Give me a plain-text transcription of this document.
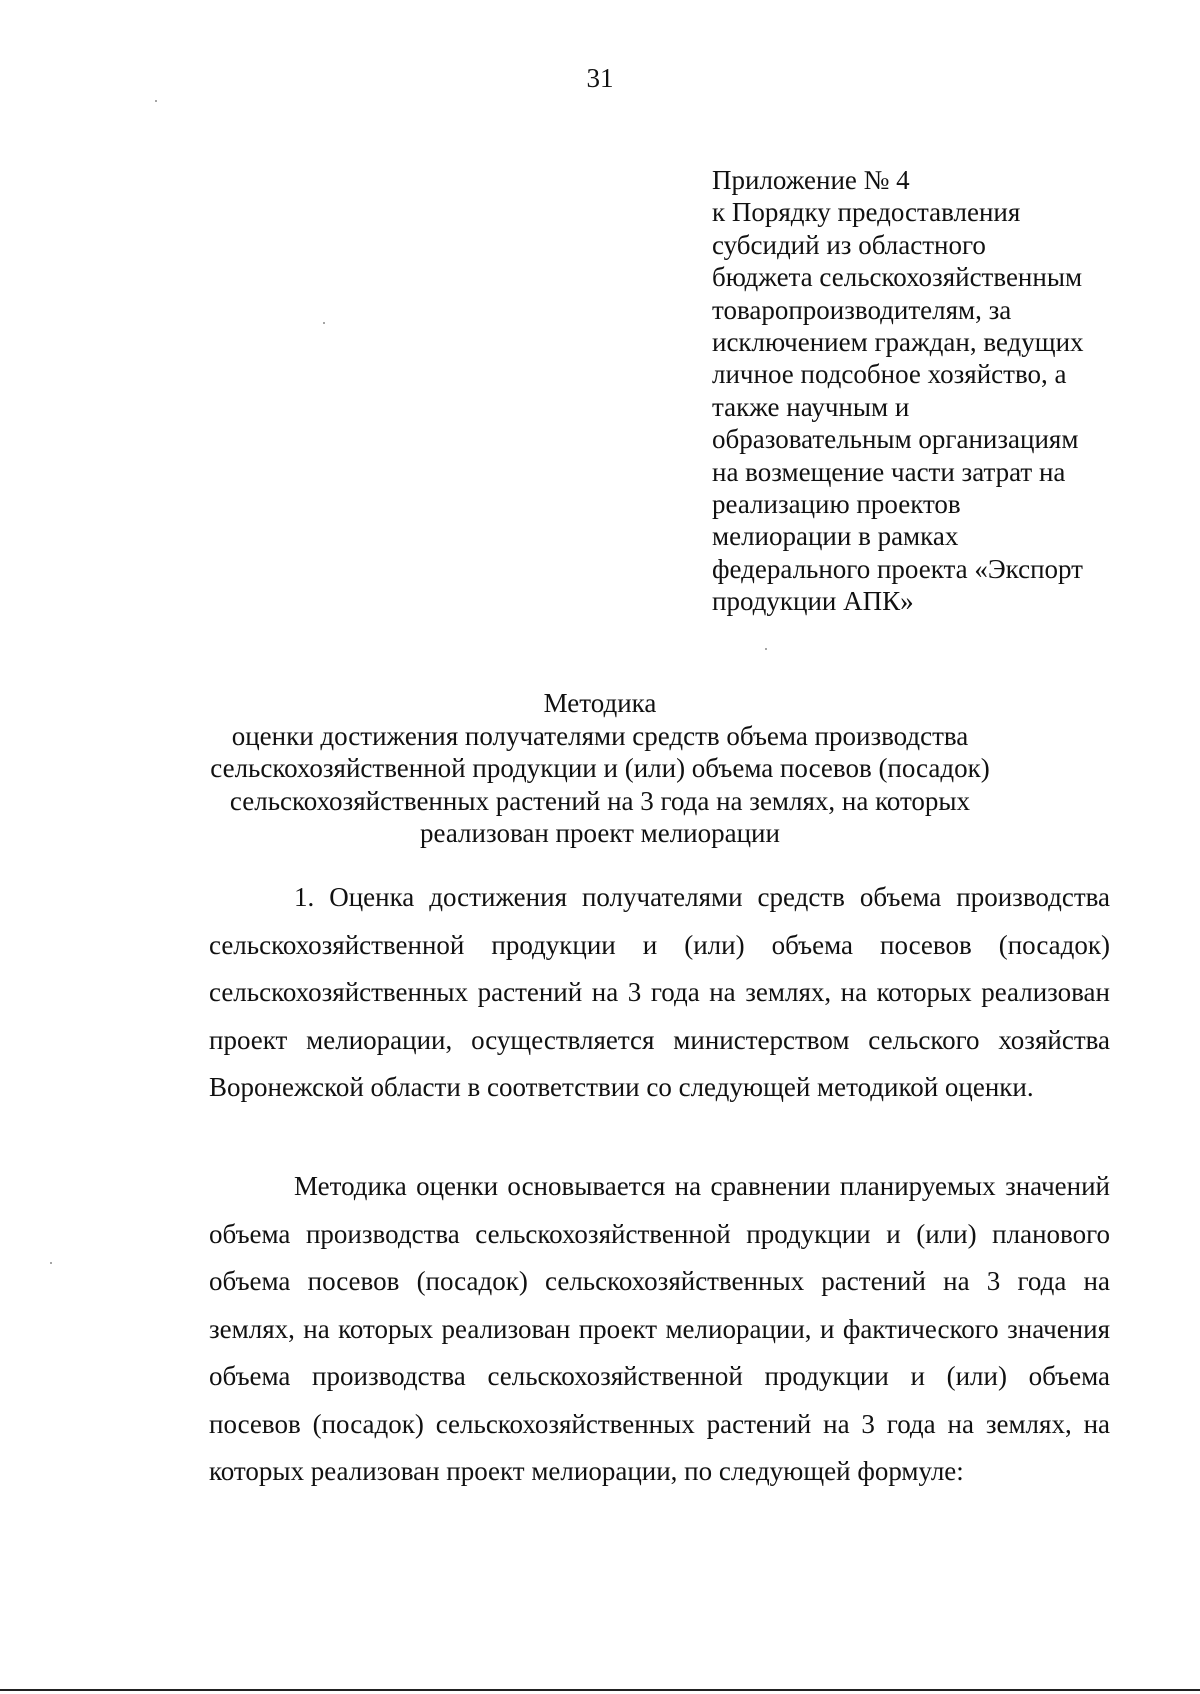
31
Приложение № 4
к Порядку предоставления
субсидий из областного
бюджета сельскохозяйственным
товаропроизводителям, за
исключением граждан, ведущих
личное подсобное хозяйство, а
также научным и
образовательным организациям
на возмещение части затрат на
реализацию проектов
мелиорации в рамках
федерального проекта «Экспорт
продукции АПК»
Методика
оценки достижения получателями средств объема производства
сельскохозяйственной продукции и (или) объема посевов (посадок)
сельскохозяйственных растений на 3 года на землях, на которых
реализован проект мелиорации

1. Оценка достижения получателями средств объема производства сельскохозяйственной продукции и (или) объема посевов (посадок) сельскохозяйственных растений на 3 года на землях, на которых реализован проект мелиорации, осуществляется министерством сельского хозяйства Воронежской области в соответствии со следующей методикой оценки.

Методика оценки основывается на сравнении планируемых значений объема производства сельскохозяйственной продукции и (или) планового объема посевов (посадок) сельскохозяйственных растений на 3 года на землях, на которых реализован проект мелиорации, и фактического значения объема производства сельскохозяйственной продукции и (или) объема посевов (посадок) сельскохозяйственных растений на 3 года на землях, на которых реализован проект мелиорации, по следующей формуле:
